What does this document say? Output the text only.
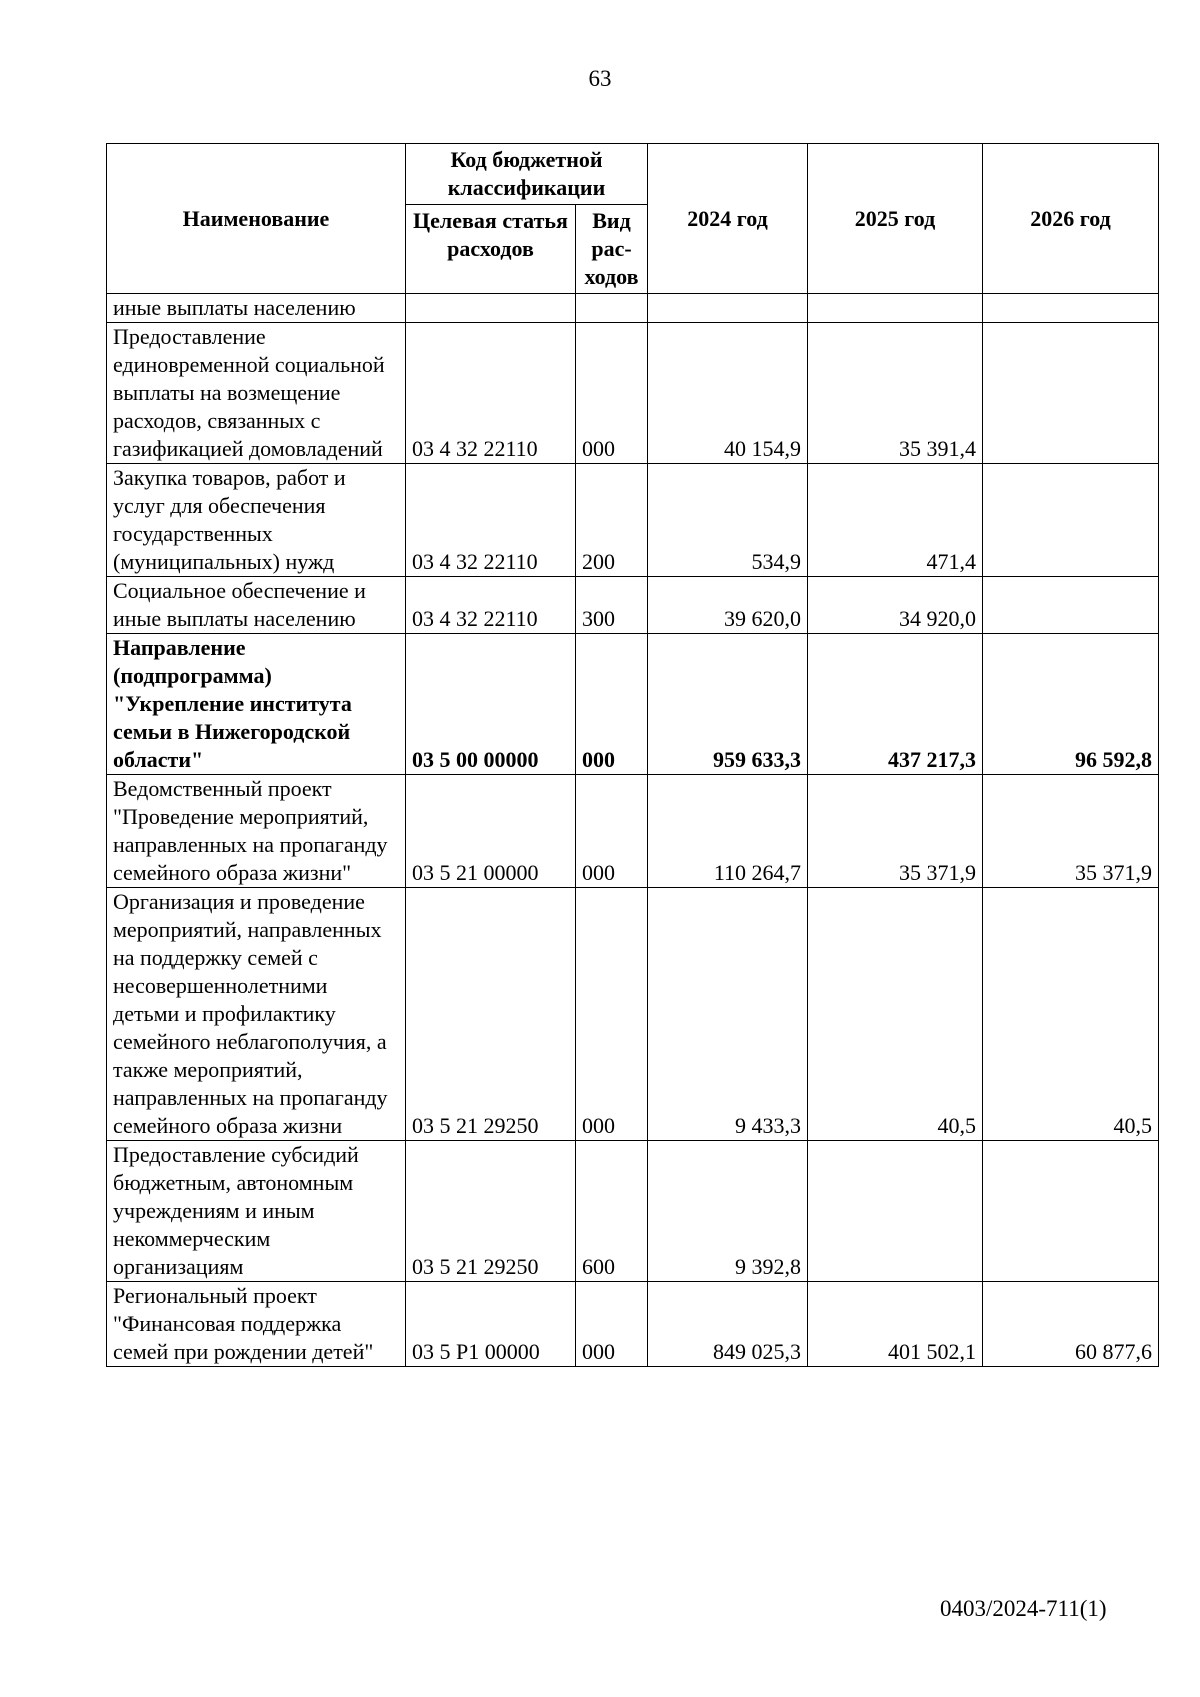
63
Наименование	Код бюджетной классификации		2024 год	2025 год	2026 год
	Целевая статья расходов	Вид рас-ходов			
иные выплаты населению					
Предоставление единовременной социальной выплаты на возмещение расходов, связанных с газификацией домовладений	03 4 32 22110	000	40 154,9	35 391,4	
Закупка товаров, работ и услуг для обеспечения государственных (муниципальных) нужд	03 4 32 22110	200	534,9	471,4	
Социальное обеспечение и иные выплаты населению	03 4 32 22110	300	39 620,0	34 920,0	
Направление (подпрограмма) "Укрепление института семьи в Нижегородской области"	03 5 00 00000	000	959 633,3	437 217,3	96 592,8
Ведомственный проект "Проведение мероприятий, направленных на пропаганду семейного образа жизни"	03 5 21 00000	000	110 264,7	35 371,9	35 371,9
Организация и проведение мероприятий, направленных на поддержку семей с несовершеннолетними детьми и профилактику семейного неблагополучия, а также мероприятий, направленных на пропаганду семейного образа жизни	03 5 21 29250	000	9 433,3	40,5	40,5
Предоставление субсидий бюджетным, автономным учреждениям и иным некоммерческим организациям	03 5 21 29250	600	9 392,8		
Региональный проект "Финансовая поддержка семей при рождении детей"	03 5 Р1 00000	000	849 025,3	401 502,1	60 877,6
0403/2024-711(1)
